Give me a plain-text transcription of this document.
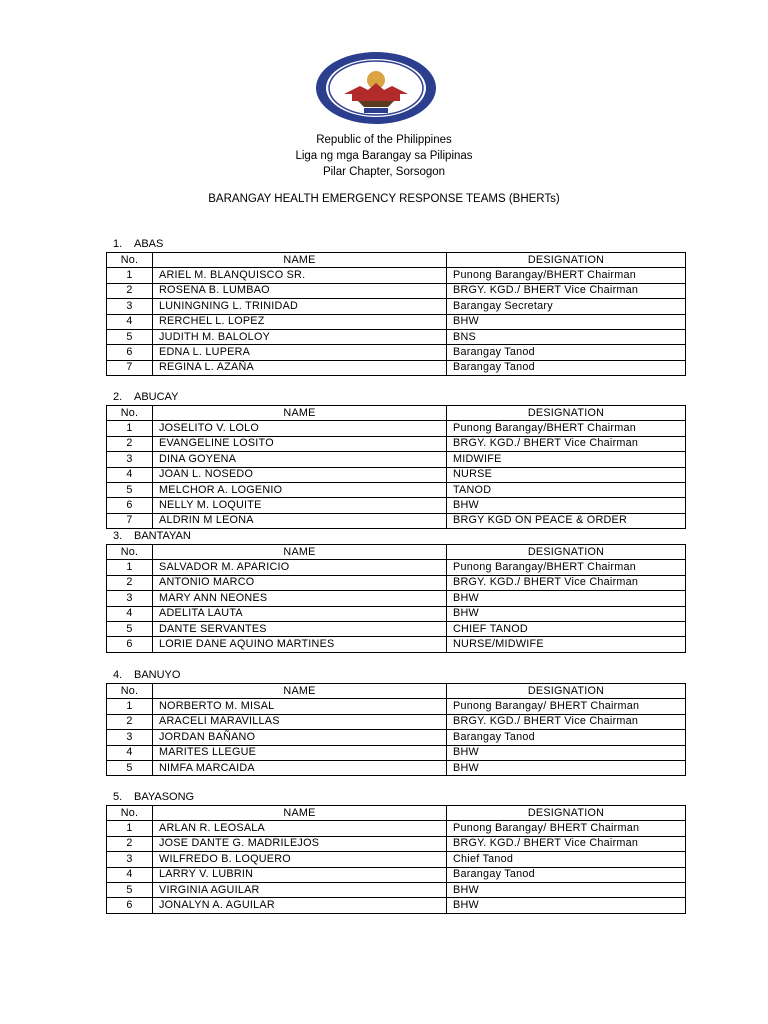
Republic of the Philippines
Liga ng mga Barangay sa Pilipinas
Pilar Chapter, Sorsogon
BARANGAY HEALTH EMERGENCY RESPONSE TEAMS (BHERTs)
1. ABAS
No.	NAME	DESIGNATION
1	ARIEL M. BLANQUISCO SR.	Punong Barangay/BHERT Chairman
2	ROSENA B. LUMBAO	BRGY. KGD./ BHERT Vice Chairman
3	LUNINGNING L. TRINIDAD	Barangay Secretary
4	RERCHEL L. LOPEZ	BHW
5	JUDITH M. BALOLOY	BNS
6	EDNA L. LUPERA	Barangay Tanod
7	REGINA L. AZAÑA	Barangay Tanod
2. ABUCAY
No.	NAME	DESIGNATION
1	JOSELITO V. LOLO	Punong Barangay/BHERT Chairman
2	EVANGELINE LOSITO	BRGY. KGD./ BHERT Vice Chairman
3	DINA GOYENA	MIDWIFE
4	JOAN L. NOSEDO	NURSE
5	MELCHOR A. LOGENIO	TANOD
6	NELLY M. LOQUITE	BHW
7	ALDRIN M LEONA	BRGY KGD ON PEACE & ORDER
3. BANTAYAN
No.	NAME	DESIGNATION
1	SALVADOR M. APARICIO	Punong Barangay/BHERT Chairman
2	ANTONIO MARCO	BRGY. KGD./ BHERT Vice Chairman
3	MARY ANN NEONES	BHW
4	ADELITA LAUTA	BHW
5	DANTE SERVANTES	CHIEF TANOD
6	LORIE DANE AQUINO MARTINES	NURSE/MIDWIFE
4. BANUYO
No.	NAME	DESIGNATION
1	NORBERTO M. MISAL	Punong Barangay/ BHERT Chairman
2	ARACELI MARAVILLAS	BRGY. KGD./ BHERT Vice Chairman
3	JORDAN BAÑANO	Barangay Tanod
4	MARITES LLEGUE	BHW
5	NIMFA MARCAIDA	BHW
5. BAYASONG
No.	NAME	DESIGNATION
1	ARLAN R. LEOSALA	Punong Barangay/ BHERT Chairman
2	JOSE DANTE G. MADRILEJOS	BRGY. KGD./ BHERT Vice Chairman
3	WILFREDO B. LOQUERO	Chief Tanod
4	LARRY V. LUBRIN	Barangay Tanod
5	VIRGINIA AGUILAR	BHW
6	JONALYN A. AGUILAR	BHW
